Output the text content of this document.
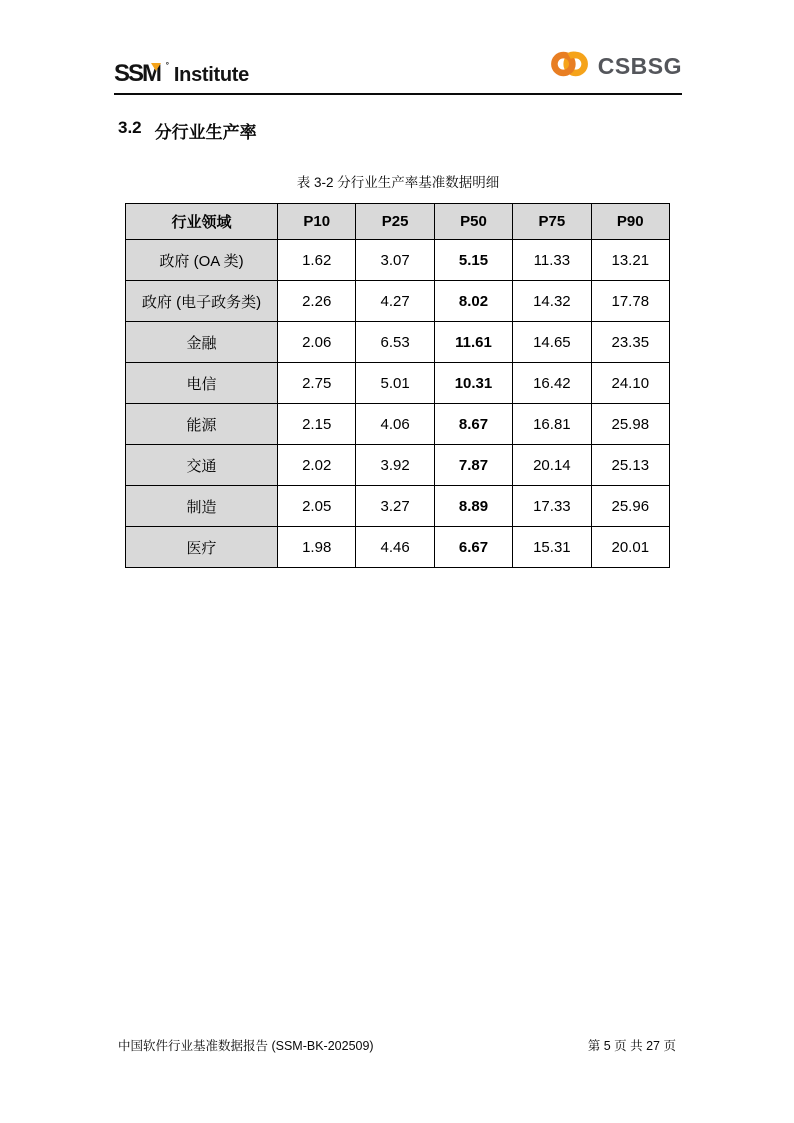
SSM ° Institute	CSBSG
3.2 分行业生产率
表 3-2 分行业生产率基准数据明细
行业领域	P10	P25	P50	P75	P90
政府 (OA 类)	1.62	3.07	5.15	11.33	13.21
政府 (电子政务类)	2.26	4.27	8.02	14.32	17.78
金融	2.06	6.53	11.61	14.65	23.35
电信	2.75	5.01	10.31	16.42	24.10
能源	2.15	4.06	8.67	16.81	25.98
交通	2.02	3.92	7.87	20.14	25.13
制造	2.05	3.27	8.89	17.33	25.96
医疗	1.98	4.46	6.67	15.31	20.01
中国软件行业基准数据报告 (SSM-BK-202509)	第 5 页 共 27 页
